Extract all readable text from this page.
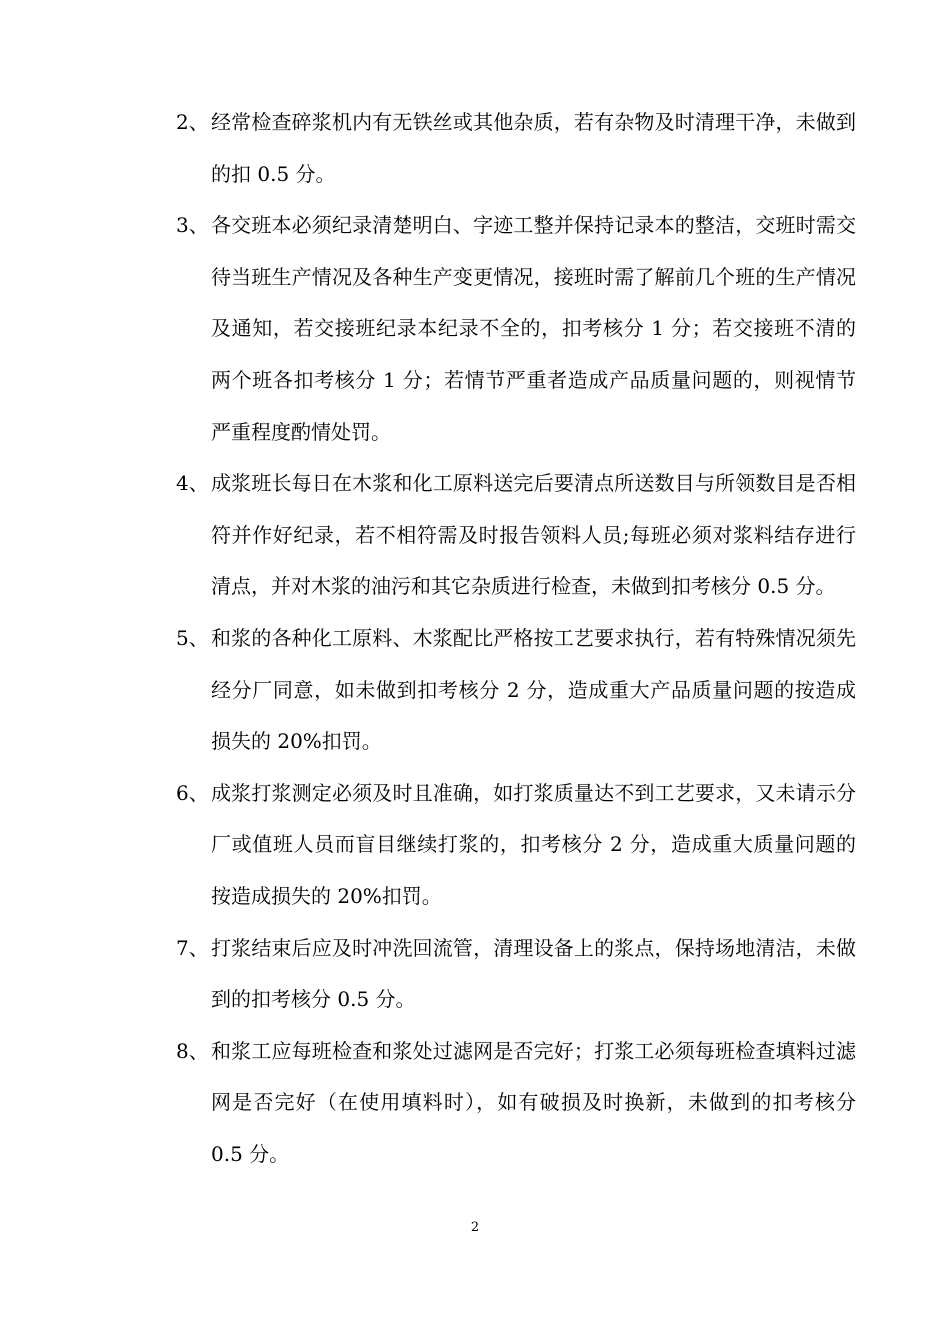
2、 经常检查碎浆机内有无铁丝或其他杂质，若有杂物及时清理干净，未做到的扣 0.5 分。
3、 各交班本必须纪录清楚明白、字迹工整并保持记录本的整洁，交班时需交待当班生产情况及各种生产变更情况，接班时需了解前几个班的生产情况及通知，若交接班纪录本纪录不全的，扣考核分 1 分；若交接班不清的两个班各扣考核分 1 分；若情节严重者造成产品质量问题的，则视情节严重程度酌情处罚。
4、 成浆班长每日在木浆和化工原料送完后要清点所送数目与所领数目是否相符并作好纪录，若不相符需及时报告领料人员;每班必须对浆料结存进行清点，并对木浆的油污和其它杂质进行检查，未做到扣考核分 0.5 分。
5、 和浆的各种化工原料、木浆配比严格按工艺要求执行，若有特殊情况须先经分厂同意，如未做到扣考核分 2 分，造成重大产品质量问题的按造成损失的 20%扣罚。
6、 成浆打浆测定必须及时且准确，如打浆质量达不到工艺要求，又未请示分厂或值班人员而盲目继续打浆的，扣考核分 2 分，造成重大质量问题的按造成损失的 20%扣罚。
7、 打浆结束后应及时冲洗回流管，清理设备上的浆点，保持场地清洁，未做到的扣考核分 0.5 分。
8、 和浆工应每班检查和浆处过滤网是否完好；打浆工必须每班检查填料过滤网是否完好（在使用填料时），如有破损及时换新，未做到的扣考核分 0.5 分。
2
